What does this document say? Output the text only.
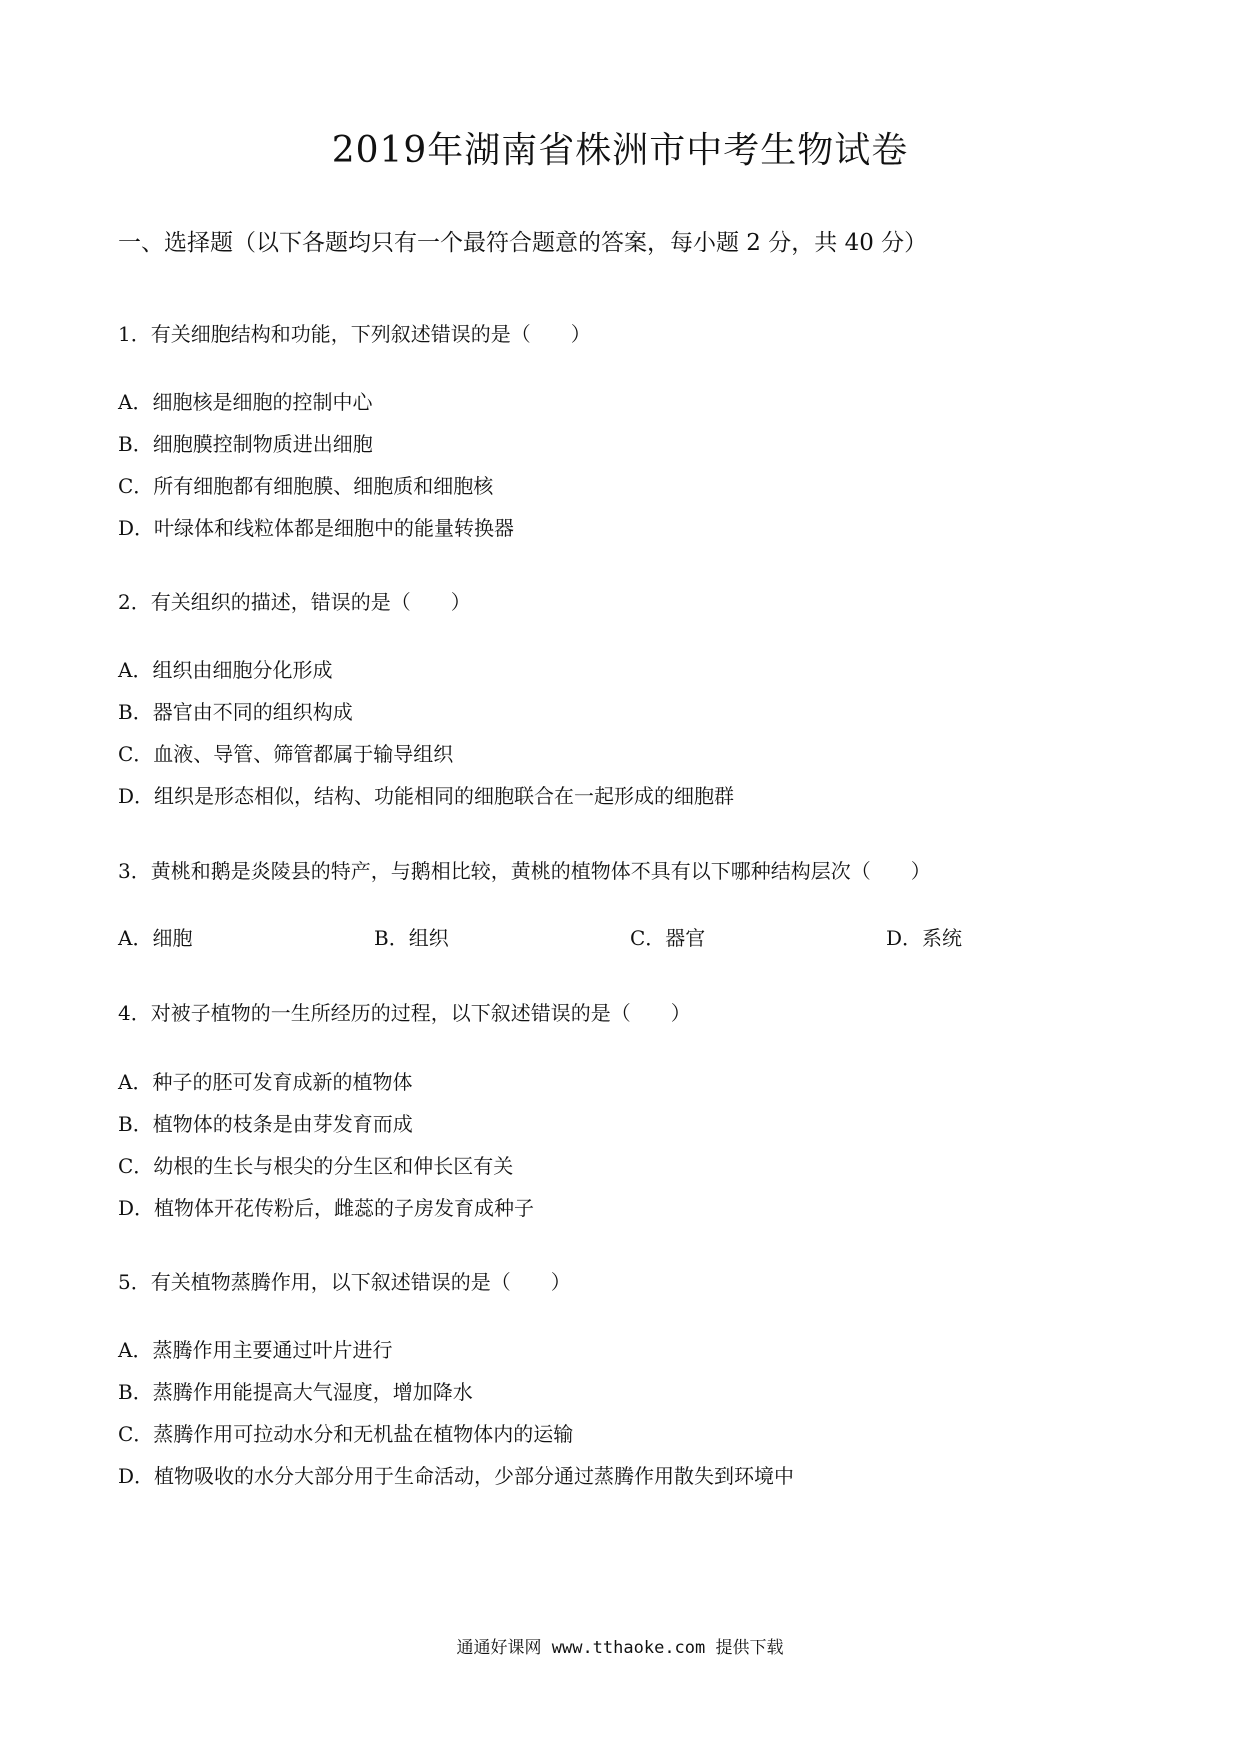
2019年湖南省株洲市中考生物试卷
一、选择题（以下各题均只有一个最符合题意的答案，每小题 2 分，共 40 分）
1．有关细胞结构和功能，下列叙述错误的是（　　）
A．细胞核是细胞的控制中心
B．细胞膜控制物质进出细胞
C．所有细胞都有细胞膜、细胞质和细胞核
D．叶绿体和线粒体都是细胞中的能量转换器
2．有关组织的描述，错误的是（　　）
A．组织由细胞分化形成
B．器官由不同的组织构成
C．血液、导管、筛管都属于输导组织
D．组织是形态相似，结构、功能相同的细胞联合在一起形成的细胞群
3．黄桃和鹅是炎陵县的特产，与鹅相比较，黄桃的植物体不具有以下哪种结构层次（　　）
A．细胞	B．组织	C．器官	D．系统
4．对被子植物的一生所经历的过程，以下叙述错误的是（　　）
A．种子的胚可发育成新的植物体
B．植物体的枝条是由芽发育而成
C．幼根的生长与根尖的分生区和伸长区有关
D．植物体开花传粉后，雌蕊的子房发育成种子
5．有关植物蒸腾作用，以下叙述错误的是（　　）
A．蒸腾作用主要通过叶片进行
B．蒸腾作用能提高大气湿度，增加降水
C．蒸腾作用可拉动水分和无机盐在植物体内的运输
D．植物吸收的水分大部分用于生命活动，少部分通过蒸腾作用散失到环境中
通通好课网 www.tthaoke.com 提供下载
